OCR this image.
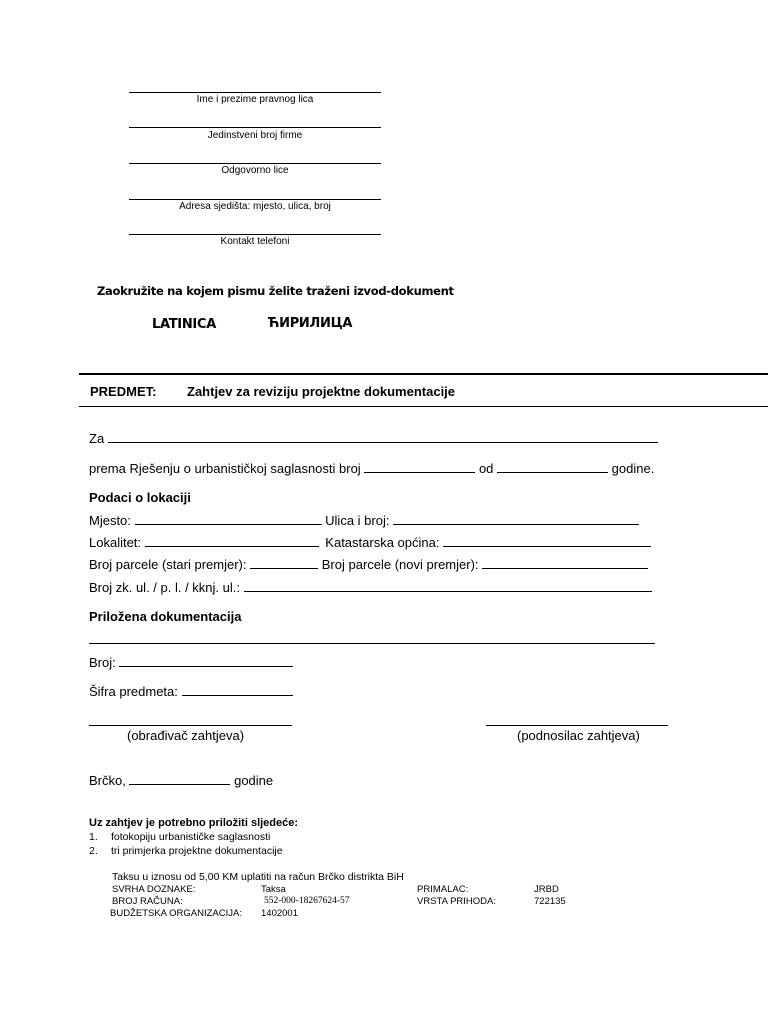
Ime i prezime pravnog lica
Jedinstveni broj firme
Odgovorno lice
Adresa sjedišta: mjesto, ulica, broj
Kontakt telefoni
Zaokružite na kojem pismu želite traženi izvod-dokument
LATINICA	ЋИРИЛИЦА
PREDMET: Zahtjev za reviziju projektne dokumentacije
Za
prema Rješenju o urbanističkoj saglasnosti broj	od	godine.
Podaci o lokaciji
Mjesto:	Ulica i broj:
Lokalitet:	Katastarska općina:
Broj parcele (stari premjer):	Broj parcele (novi premjer):
Broj zk. ul. / p. l. / kknj. ul.:
Priložena dokumentacija
Broj:
Šifra predmeta:
(obrađivač zahtjeva)	(podnosilac zahtjeva)
Brčko,	godine
Uz zahtjev je potrebno priložiti sljedeće:
1. fotokopiju urbanističke saglasnosti
2. tri primjerka projektne dokumentacije
Taksu u iznosu od 5,00 KM uplatiti na račun Brčko distrikta BiH
SVRHA DOZNAKE:	Taksa	PRIMALAC:	JRBD
BROJ RAČUNA:	552-000-18267624-57	VRSTA PRIHODA:	722135
BUDŽETSKA ORGANIZACIJA: 1402001
